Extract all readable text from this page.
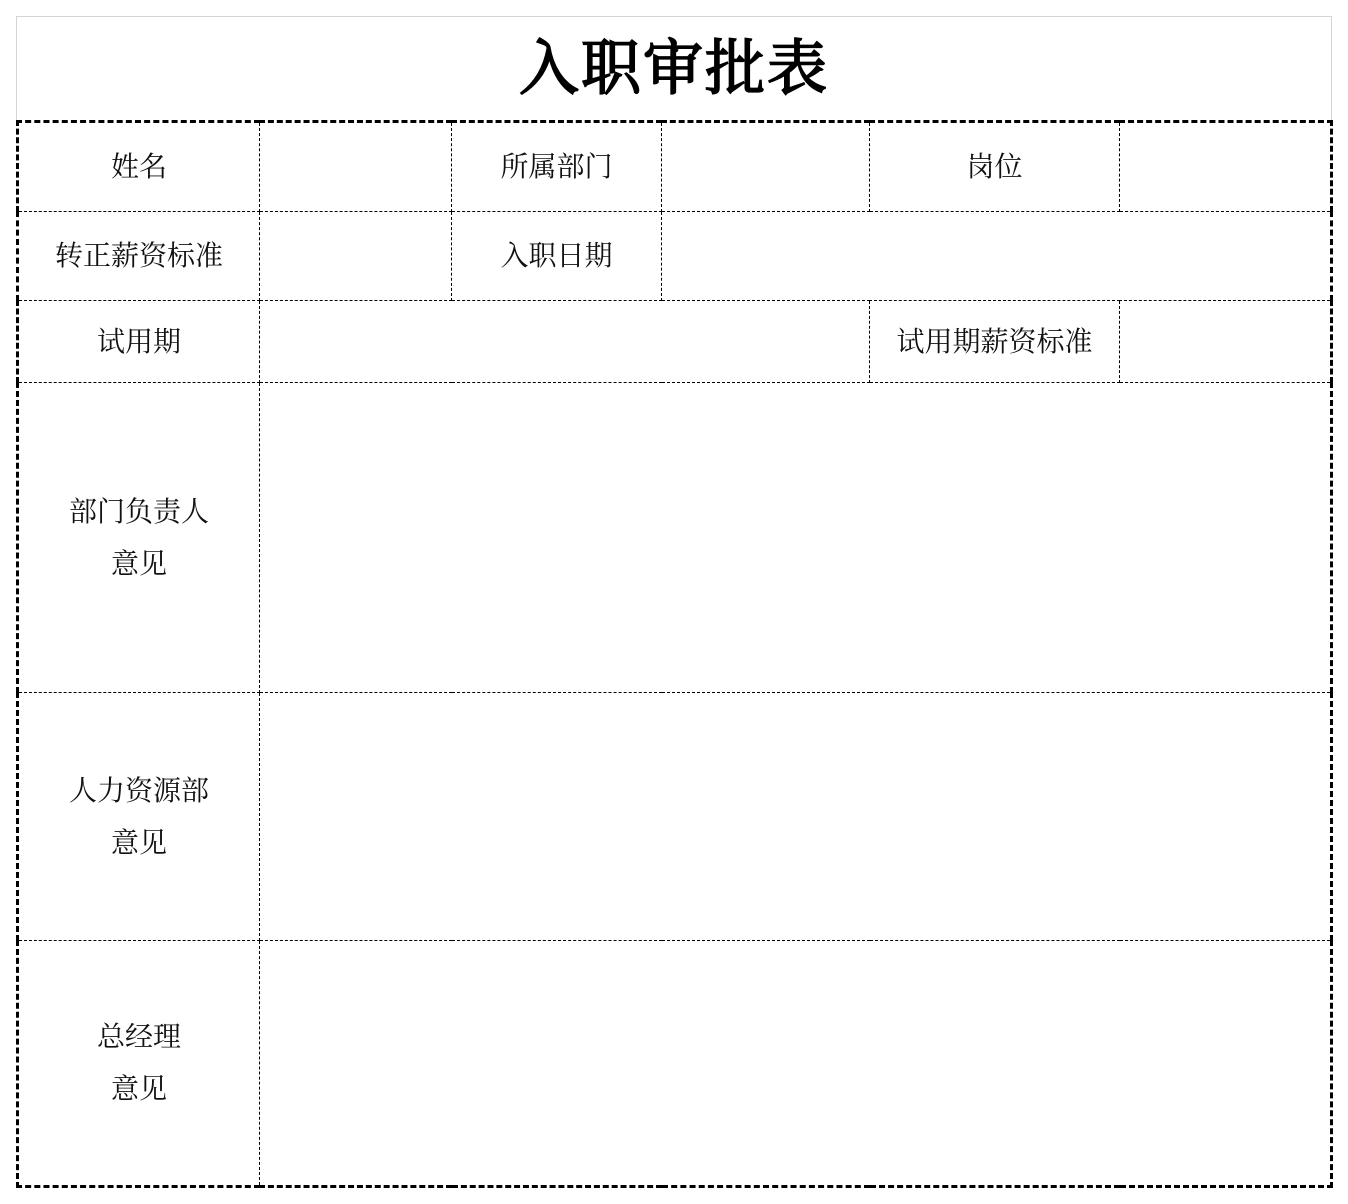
入职审批表
姓名		所属部门		岗位	
转正薪资标准		入职日期			
试用期				试用期薪资标准	

部门负责人
意见					

人力资源部
意见					

总经理
意见					
